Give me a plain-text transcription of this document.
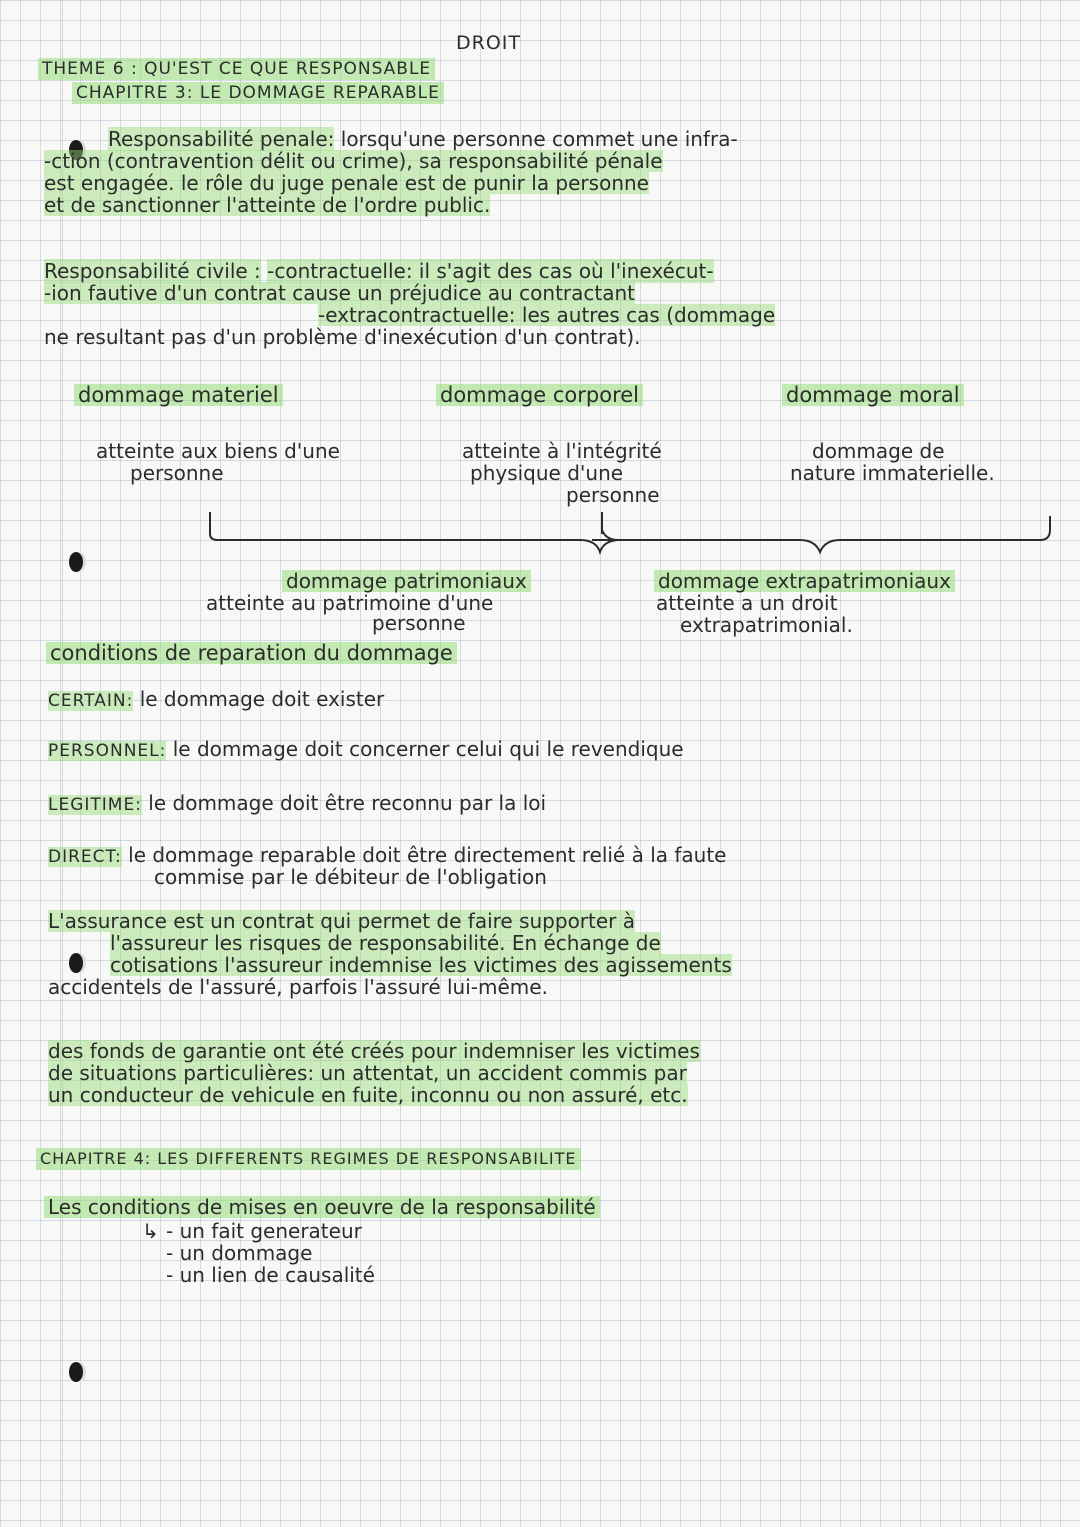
DROIT
THEME 6 : QU'EST CE QUE RESPONSABLE
CHAPITRE 3: LE DOMMAGE REPARABLE
Responsabilité penale: lorsqu'une personne commet une infra-
-ction (contravention délit ou crime), sa responsabilité pénale
est engagée. le rôle du juge penale est de punir la personne
et de sanctionner l'atteinte de l'ordre public.
Responsabilité civile : -contractuelle: il s'agit des cas où l'inexécut-
-ion fautive d'un contrat cause un préjudice au contractant
-extracontractuelle: les autres cas (dommage
ne resultant pas d'un problème d'inexécution d'un contrat).
dommage materiel	dommage corporel	dommage moral
atteinte aux biens d'une
personne
atteinte à l'intégrité
physique d'une
personne
dommage de
nature immaterielle.
dommage patrimoniaux
atteinte au patrimoine d'une
personne
dommage extrapatrimoniaux
atteinte a un droit
extrapatrimonial.
conditions de reparation du dommage
CERTAIN: le dommage doit exister
PERSONNEL: le dommage doit concerner celui qui le revendique
LEGITIME: le dommage doit être reconnu par la loi
DIRECT: le dommage reparable doit être directement relié à la faute
commise par le débiteur de l'obligation
L'assurance est un contrat qui permet de faire supporter à
l'assureur les risques de responsabilité. En échange de
cotisations l'assureur indemnise les victimes des agissements
accidentels de l'assuré, parfois l'assuré lui-même.
des fonds de garantie ont été créés pour indemniser les victimes
de situations particulières: un attentat, un accident commis par
un conducteur de vehicule en fuite, inconnu ou non assuré, etc.
CHAPITRE 4: LES DIFFERENTS REGIMES DE RESPONSABILITE
Les conditions de mises en oeuvre de la responsabilité
↳ - un fait generateur
- un dommage
- un lien de causalité
